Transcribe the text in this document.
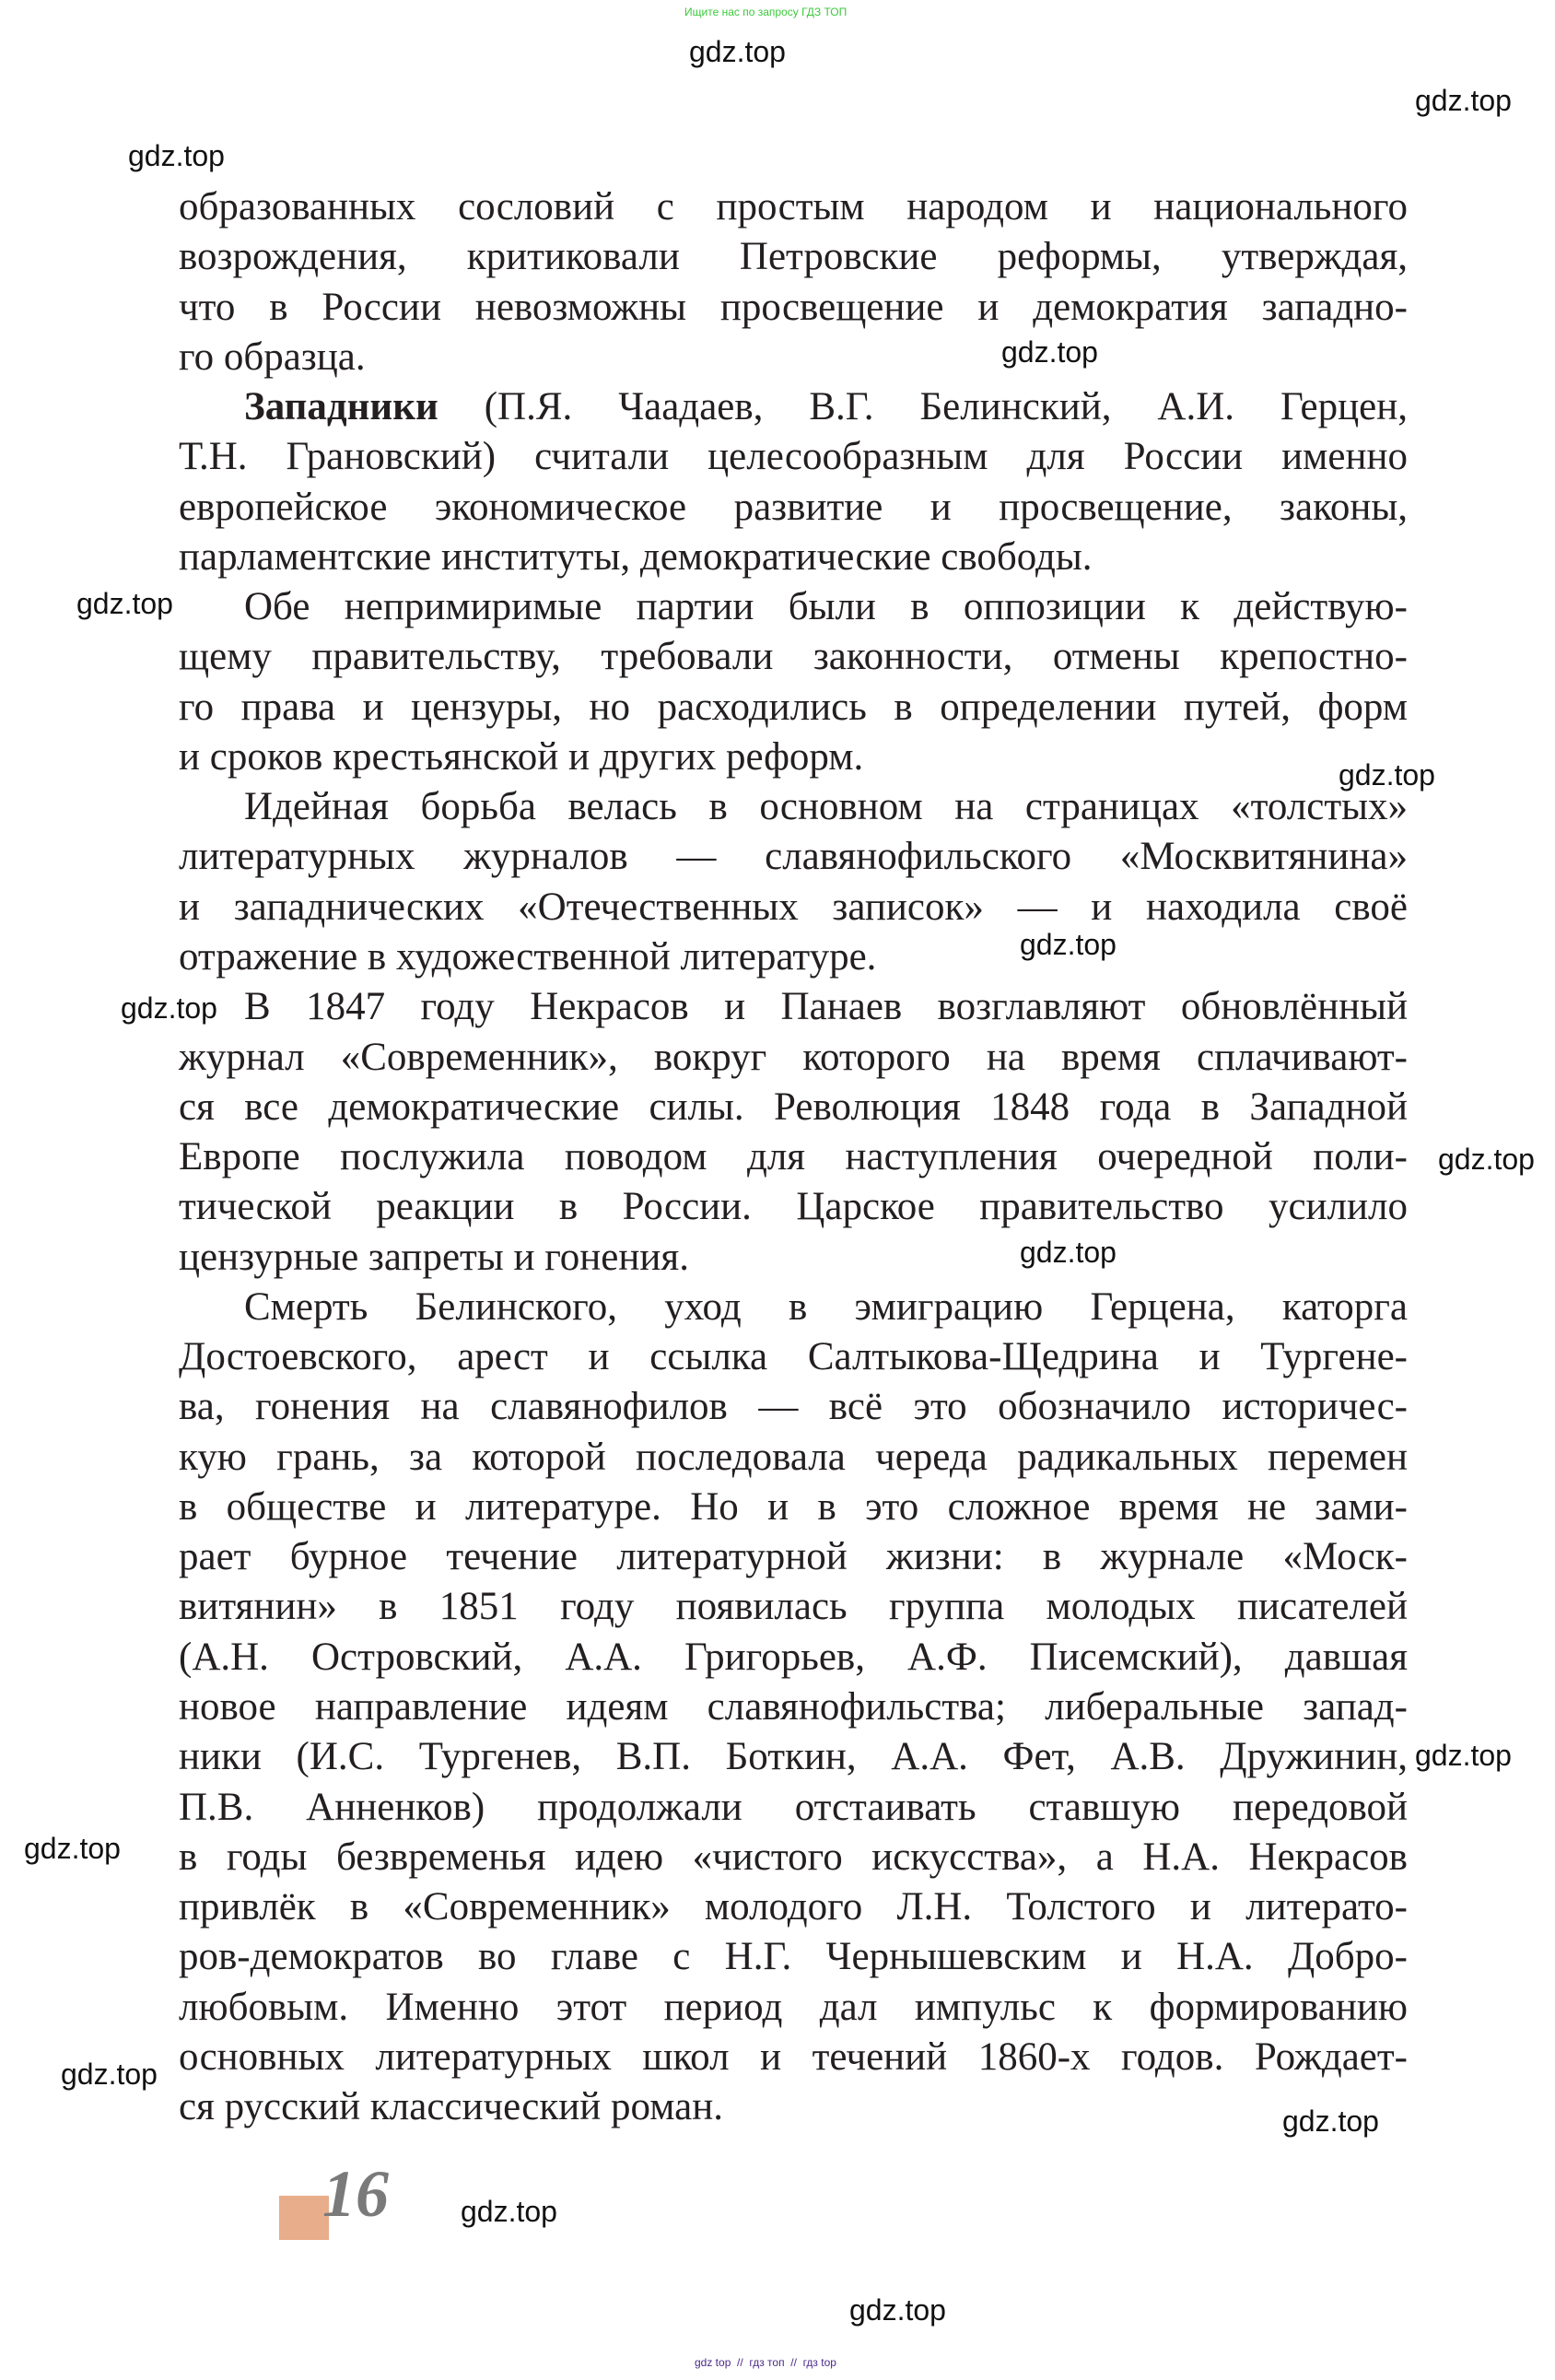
Ищите нас по запросу ГДЗ ТОП
gdz.top
gdz.top
gdz.top
gdz.top
gdz.top
gdz.top
gdz.top
gdz.top
gdz.top
gdz.top
gdz.top
gdz.top
gdz.top
gdz.top
gdz.top
gdz.top
образованных сословий с простым народом и национального
возрождения, критиковали Петровские реформы, утверждая,
что в России невозможны просвещение и демократия западно-
го образца.
Западники (П.Я. Чаадаев, В.Г. Белинский, А.И. Герцен,
Т.Н. Грановский) считали целесообразным для России именно
европейское экономическое развитие и просвещение, законы,
парламентские институты, демократические свободы.
Обе непримиримые партии были в оппозиции к действую-
щему правительству, требовали законности, отмены крепостно-
го права и цензуры, но расходились в определении путей, форм
и сроков крестьянской и других реформ.
Идейная борьба велась в основном на страницах «толстых»
литературных журналов — славянофильского «Москвитянина»
и западнических «Отечественных записок» — и находила своё
отражение в художественной литературе.
В 1847 году Некрасов и Панаев возглавляют обновлённый
журнал «Современник», вокруг которого на время сплачивают-
ся все демократические силы. Революция 1848 года в Западной
Европе послужила поводом для наступления очередной поли-
тической реакции в России. Царское правительство усилило
цензурные запреты и гонения.
Смерть Белинского, уход в эмиграцию Герцена, каторга
Достоевского, арест и ссылка Салтыкова-Щедрина и Тургене-
ва, гонения на славянофилов — всё это обозначило историчес-
кую грань, за которой последовала череда радикальных перемен
в обществе и литературе. Но и в это сложное время не зами-
рает бурное течение литературной жизни: в журнале «Моск-
витянин» в 1851 году появилась группа молодых писателей
(А.Н. Островский, А.А. Григорьев, А.Ф. Писемский), давшая
новое направление идеям славянофильства; либеральные запад-
ники (И.С. Тургенев, В.П. Боткин, А.А. Фет, А.В. Дружинин,
П.В. Анненков) продолжали отстаивать ставшую передовой
в годы безвременья идею «чистого искусства», а Н.А. Некрасов
привлёк в «Современник» молодого Л.Н. Толстого и литерато-
ров-демократов во главе с Н.Г. Чернышевским и Н.А. Добро-
любовым. Именно этот период дал импульс к формированию
основных литературных школ и течений 1860-х годов. Рождает-
ся русский классический роман.
16
gdz top  //  гдз топ  //  гдз top
